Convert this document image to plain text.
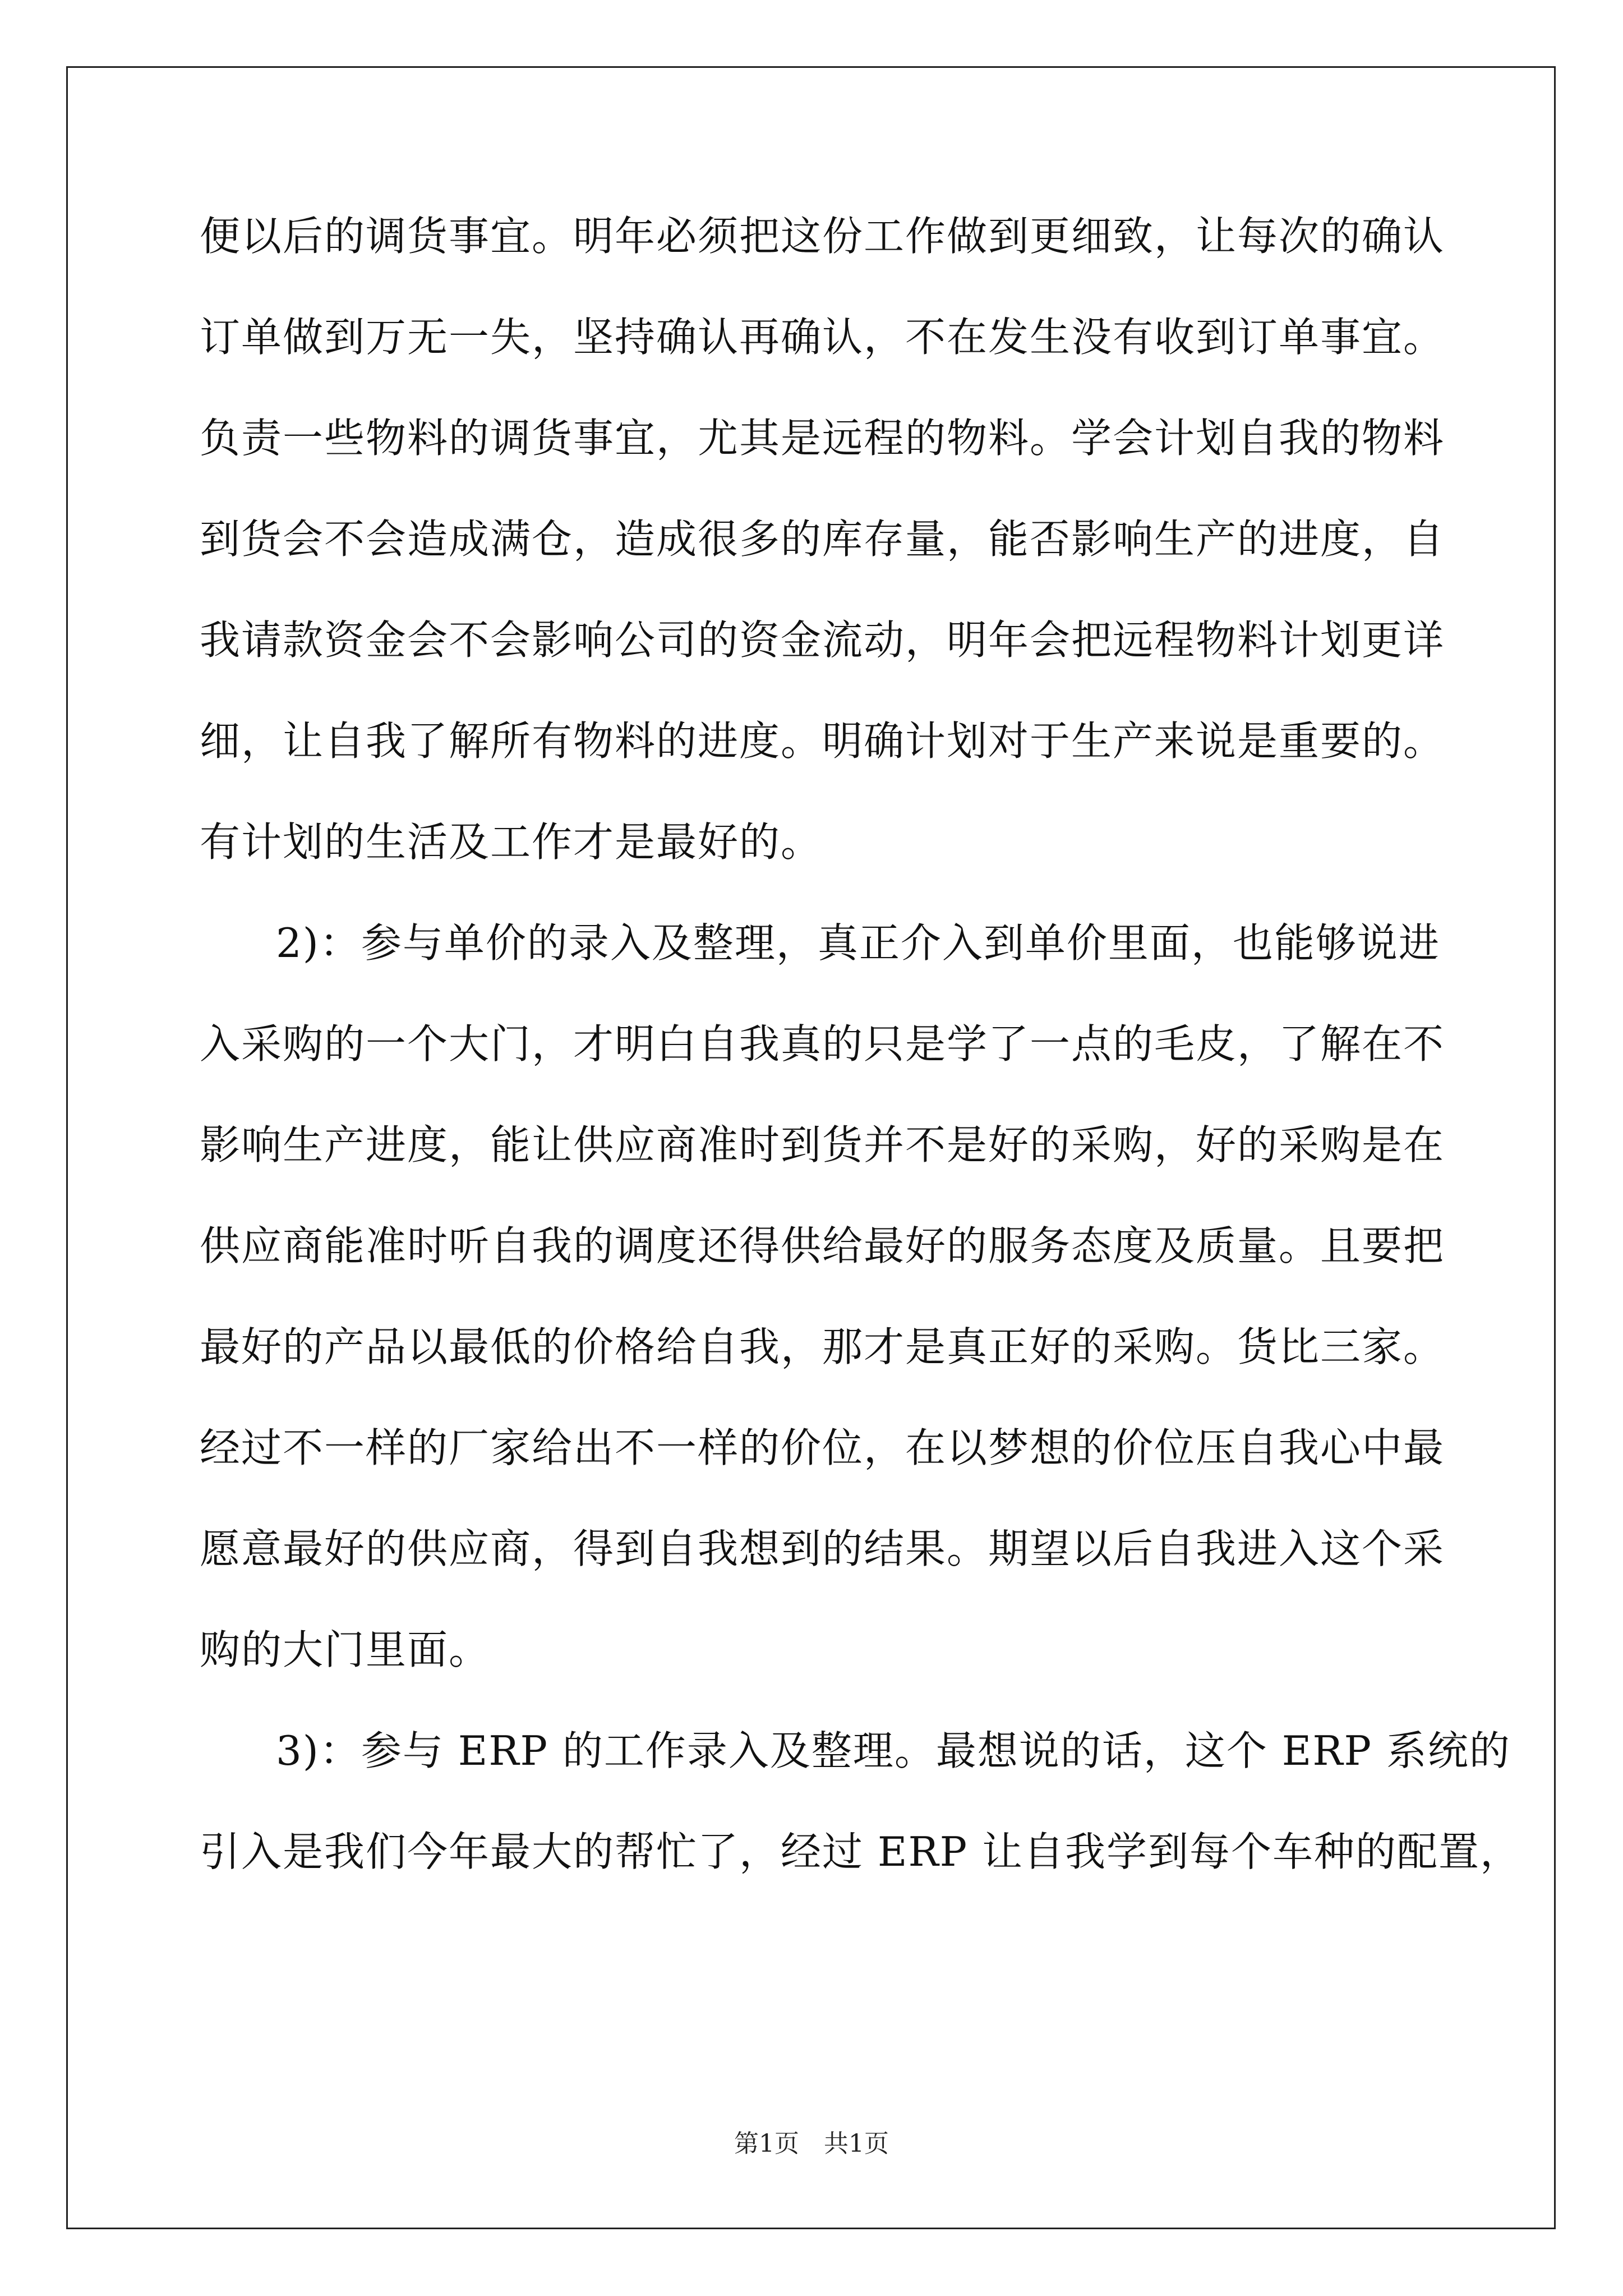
便以后的调货事宜。明年必须把这份工作做到更细致，让每次的确认
订单做到万无一失，坚持确认再确认，不在发生没有收到订单事宜。
负责一些物料的调货事宜，尤其是远程的物料。学会计划自我的物料
到货会不会造成满仓，造成很多的库存量，能否影响生产的进度，自
我请款资金会不会影响公司的资金流动，明年会把远程物料计划更详
细，让自我了解所有物料的进度。明确计划对于生产来说是重要的。
有计划的生活及工作才是最好的。
2)：参与单价的录入及整理，真正介入到单价里面，也能够说进
入采购的一个大门，才明白自我真的只是学了一点的毛皮，了解在不
影响生产进度，能让供应商准时到货并不是好的采购，好的采购是在
供应商能准时听自我的调度还得供给最好的服务态度及质量。且要把
最好的产品以最低的价格给自我，那才是真正好的采购。货比三家。
经过不一样的厂家给出不一样的价位，在以梦想的价位压自我心中最
愿意最好的供应商，得到自我想到的结果。期望以后自我进入这个采
购的大门里面。
3)：参与 ERP 的工作录入及整理。最想说的话，这个 ERP 系统的
引入是我们今年最大的帮忙了，经过 ERP 让自我学到每个车种的配置，
第1页　共1页
